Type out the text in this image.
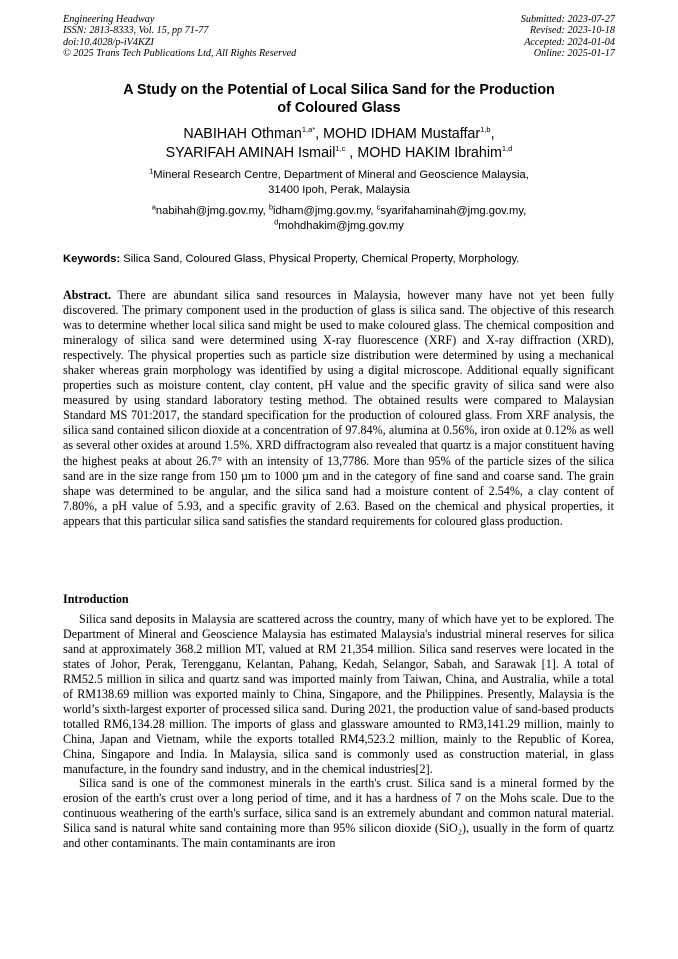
Engineering Headway
ISSN: 2813-8333, Vol. 15, pp 71-77
doi:10.4028/p-iV4KZI
© 2025 Trans Tech Publications Ltd, All Rights Reserved
Submitted: 2023-07-27
Revised: 2023-10-18
Accepted: 2024-01-04
Online: 2025-01-17
A Study on the Potential of Local Silica Sand for the Production
of Coloured Glass
NABIHAH Othman$^{1,a*}$, MOHD IDHAM Mustaffar$^{1,b}$,
SYARIFAH AMINAH Ismail$^{1,c}$ , MOHD HAKIM Ibrahim$^{1,d}$
$^1$Mineral Research Centre, Department of Mineral and Geoscience Malaysia,
31400 Ipoh, Perak, Malaysia
$^a$nabihah@jmg.gov.my, $^b$idham@jmg.gov.my, $^c$syarifahaminah@jmg.gov.my,
$^d$mohdhakim@jmg.gov.my
Keywords: Silica Sand, Coloured Glass, Physical Property, Chemical Property, Morphology.
Abstract. There are abundant silica sand resources in Malaysia, however many have not yet been fully discovered. The primary component used in the production of glass is silica sand. The objective of this research was to determine whether local silica sand might be used to make coloured glass. The chemical composition and mineralogy of silica sand were determined using X-ray fluorescence (XRF) and X-ray diffraction (XRD), respectively. The physical properties such as particle size distribution were determined by using a mechanical shaker whereas grain morphology was identified by using a digital microscope. Additional equally significant properties such as moisture content, clay content, pH value and the specific gravity of silica sand were also measured by using standard laboratory testing method. The obtained results were compared to Malaysian Standard MS 701:2017, the standard specification for the production of coloured glass. From XRF analysis, the silica sand contained silicon dioxide at a concentration of 97.84%, alumina at 0.56%, iron oxide at 0.12% as well as several other oxides at around 1.5%. XRD diffractogram also revealed that quartz is a major constituent having the highest peaks at about 26.7° with an intensity of 13,7786. More than 95% of the particle sizes of the silica sand are in the size range from 150 µm to 1000 µm and in the category of fine sand and coarse sand. The grain shape was determined to be angular, and the silica sand had a moisture content of 2.54%, a clay content of 7.80%, a pH value of 5.93, and a specific gravity of 2.63. Based on the chemical and physical properties, it appears that this particular silica sand satisfies the standard requirements for coloured glass production.
Introduction

Silica sand deposits in Malaysia are scattered across the country, many of which have yet to be explored. The Department of Mineral and Geoscience Malaysia has estimated Malaysia's industrial mineral reserves for silica sand at approximately 368.2 million MT, valued at RM 21,354 million. Silica sand reserves were located in the states of Johor, Perak, Terengganu, Kelantan, Pahang, Kedah, Selangor, Sabah, and Sarawak [1]. A total of RM52.5 million in silica and quartz sand was imported mainly from Taiwan, China, and Australia, while a total of RM138.69 million was exported mainly to China, Singapore, and the Philippines. Presently, Malaysia is the world’s sixth-largest exporter of processed silica sand. During 2021, the production value of sand-based products totalled RM6,134.28 million. The imports of glass and glassware amounted to RM3,141.29 million, mainly to China, Japan and Vietnam, while the exports totalled RM4,523.2 million, mainly to the Republic of Korea, China, Singapore and India. In Malaysia, silica sand is commonly used as construction material, in glass manufacture, in the foundry sand industry, and in the chemical industries[2].

Silica sand is one of the commonest minerals in the earth's crust. Silica sand is a mineral formed by the erosion of the earth's crust over a long period of time, and it has a hardness of 7 on the Mohs scale. Due to the continuous weathering of the earth's surface, silica sand is an extremely abundant and common natural material. Silica sand is natural white sand containing more than 95% silicon dioxide (SiO₂), usually in the form of quartz and other contaminants. The main contaminants are iron
